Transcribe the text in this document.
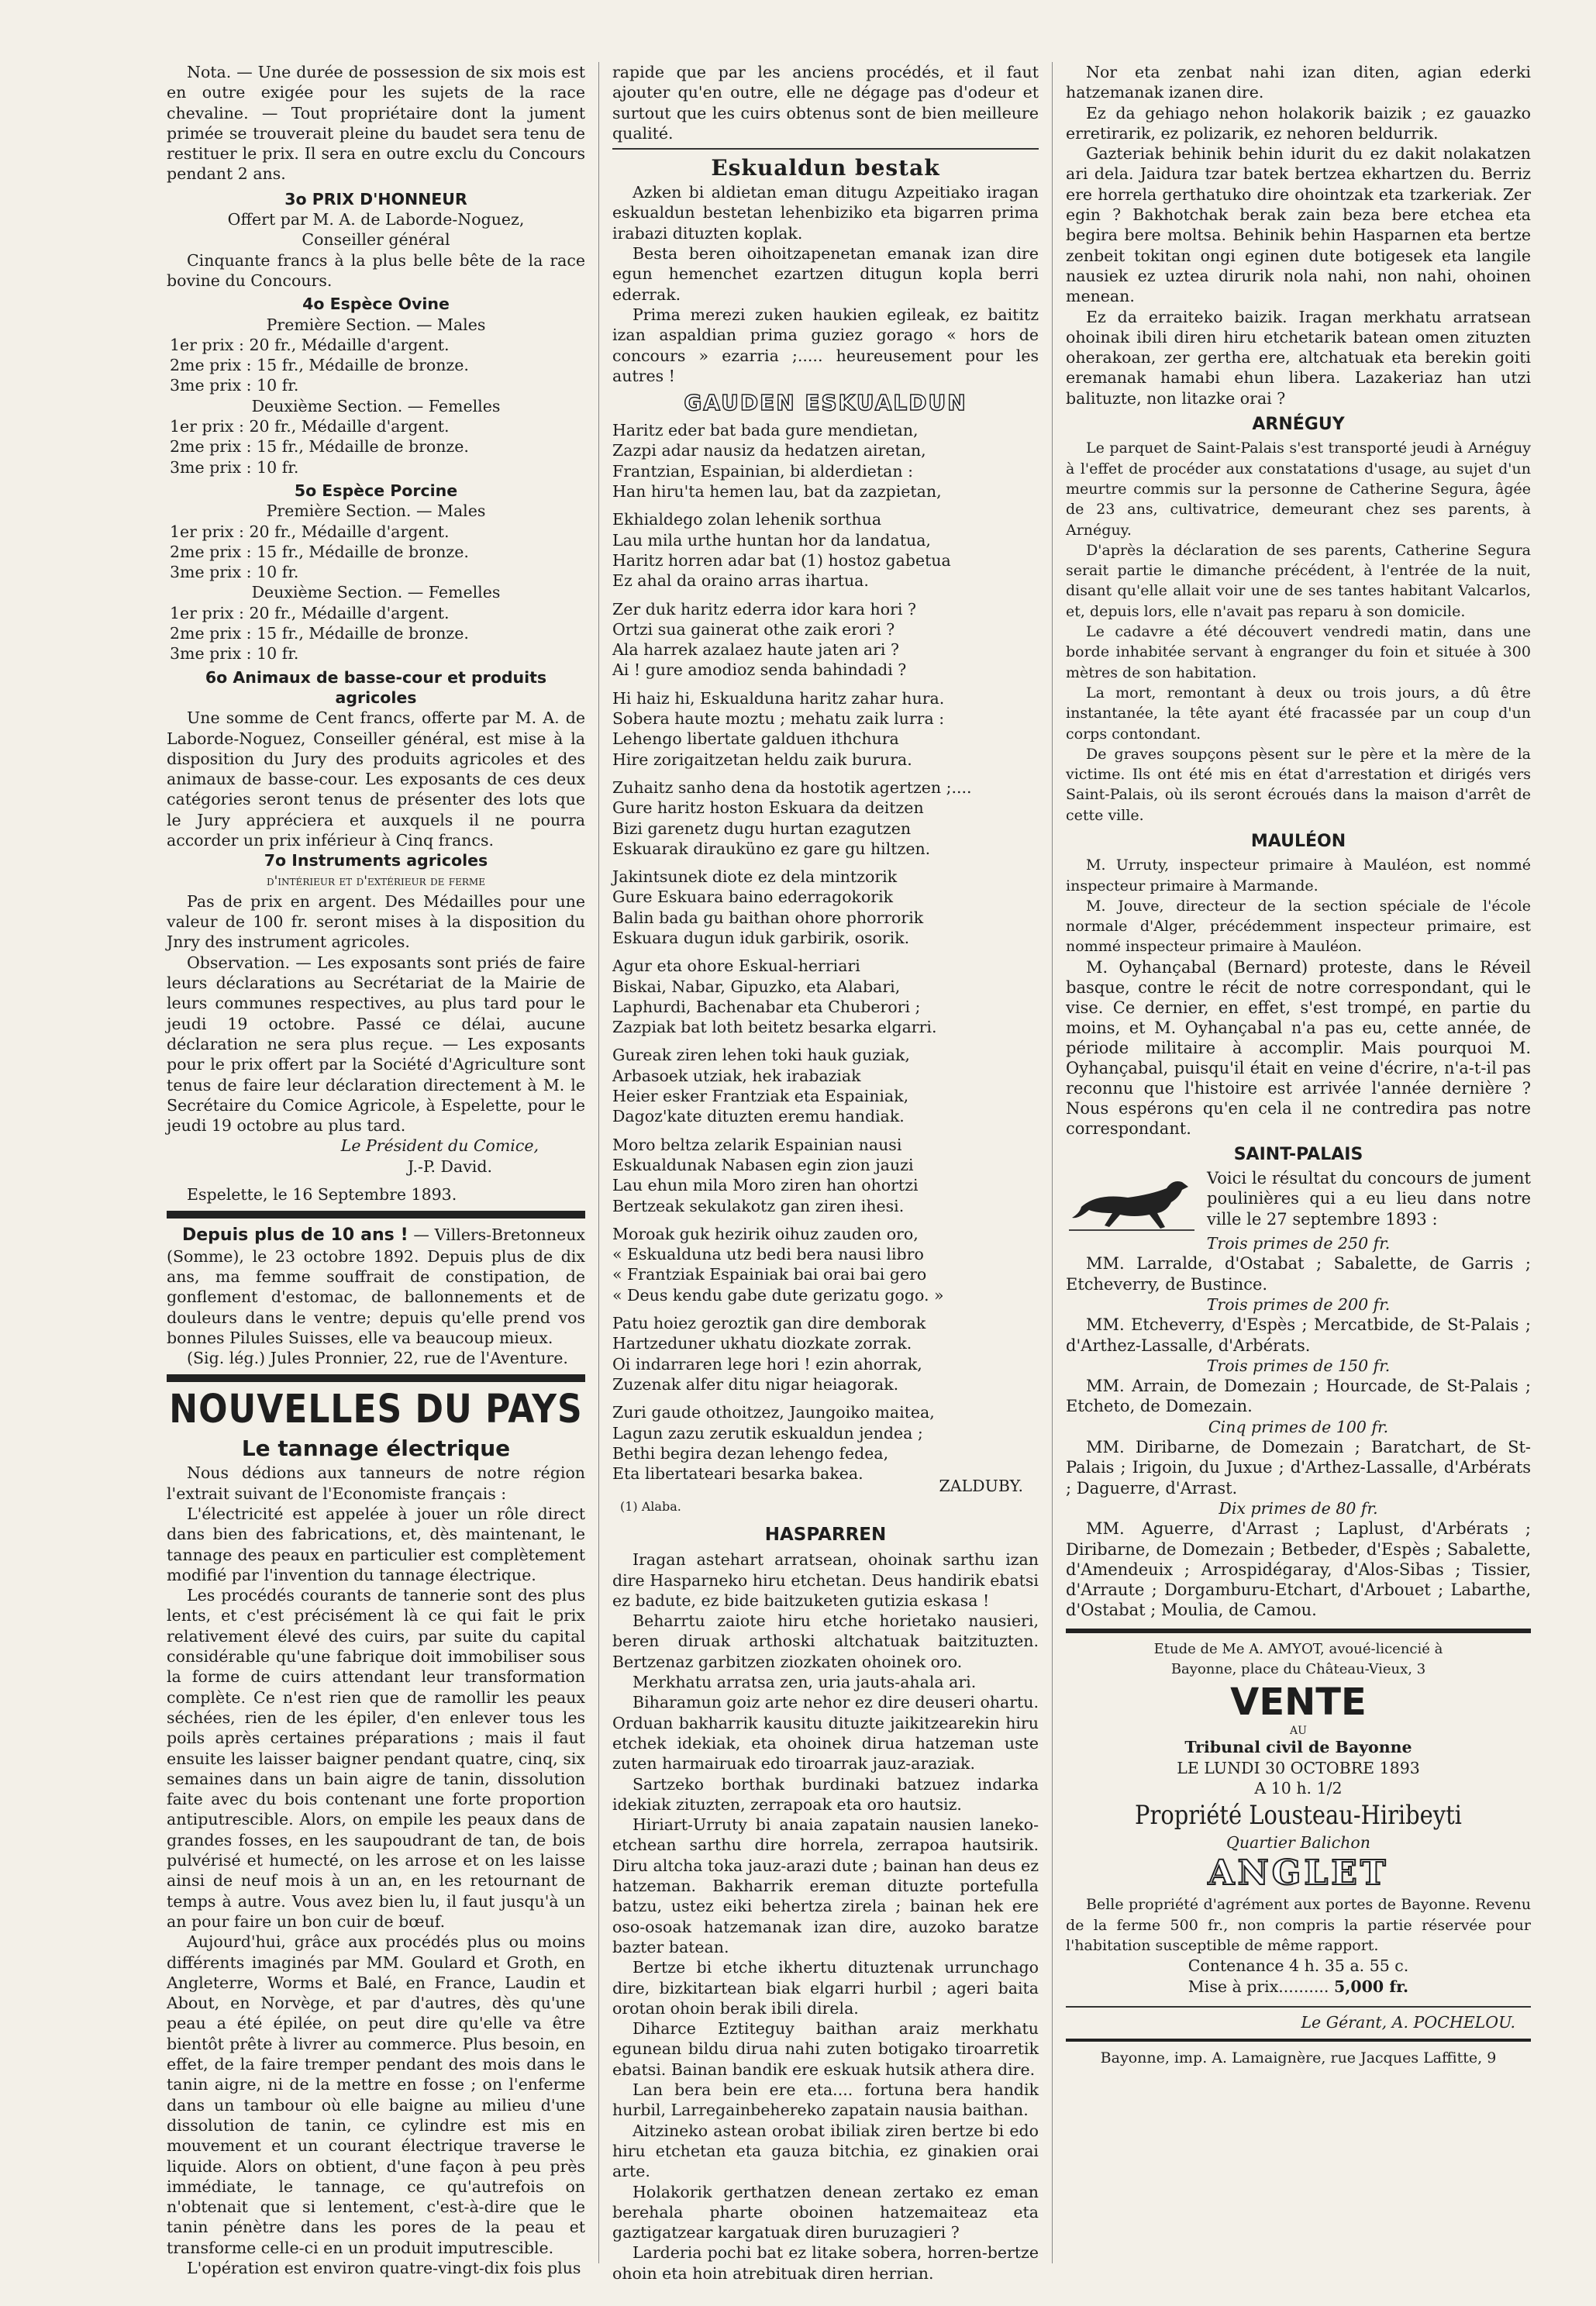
Nota. — Une durée de possession de six mois est en outre exigée pour les sujets de la race chevaline. — Tout propriétaire dont la jument primée se trouverait pleine du baudet sera tenu de restituer le prix. Il sera en outre exclu du Concours pendant 2 ans.

3o PRIX D'HONNEUR

Offert par M. A. de Laborde-Noguez,

Conseiller général

Cinquante francs à la plus belle bête de la race bovine du Concours.

4o Espèce Ovine

Première Section. — Males

1er prix : 20 fr., Médaille d'argent.

2me prix : 15 fr., Médaille de bronze.

3me prix : 10 fr.

Deuxième Section. — Femelles

1er prix : 20 fr., Médaille d'argent.

2me prix : 15 fr., Médaille de bronze.

3me prix : 10 fr.

5o Espèce Porcine

Première Section. — Males

1er prix : 20 fr., Médaille d'argent.

2me prix : 15 fr., Médaille de bronze.

3me prix : 10 fr.

Deuxième Section. — Femelles

1er prix : 20 fr., Médaille d'argent.

2me prix : 15 fr., Médaille de bronze.

3me prix : 10 fr.

6o Animaux de basse-cour et produits agricoles

Une somme de Cent francs, offerte par M. A. de Laborde-Noguez, Conseiller général, est mise à la disposition du Jury des produits agricoles et des animaux de basse-cour. Les exposants de ces deux catégories seront tenus de présenter des lots que le Jury appréciera et auxquels il ne pourra accorder un prix inférieur à Cinq francs.

7o Instruments agricoles

d'intérieur et d'extérieur de ferme

Pas de prix en argent. Des Médailles pour une valeur de 100 fr. seront mises à la disposition du Jnry des instrument agricoles.

Observation. — Les exposants sont priés de faire leurs déclarations au Secrétariat de la Mairie de leurs communes respectives, au plus tard pour le jeudi 19 octobre. Passé ce délai, aucune déclaration ne sera plus reçue. — Les exposants pour le prix offert par la Société d'Agriculture sont tenus de faire leur déclaration directement à M. le Secrétaire du Comice Agricole, à Espelette, pour le jeudi 19 octobre au plus tard.

Le Président du Comice,

J.-P. David.

Espelette, le 16 Septembre 1893.

Depuis plus de 10 ans ! — Villers-Bretonneux (Somme), le 23 octobre 1892. Depuis plus de dix ans, ma femme souffrait de constipation, de gonflement d'estomac, de ballonnements et de douleurs dans le ventre; depuis qu'elle prend vos bonnes Pilules Suisses, elle va beaucoup mieux.

(Sig. lég.) Jules Pronnier, 22, rue de l'Aventure.

NOUVELLES DU PAYS
Le tannage électrique

Nous dédions aux tanneurs de notre région l'extrait suivant de l'Economiste français :

L'électricité est appelée à jouer un rôle direct dans bien des fabrications, et, dès maintenant, le tannage des peaux en particulier est complètement modifié par l'invention du tannage électrique.

Les procédés courants de tannerie sont des plus lents, et c'est précisément là ce qui fait le prix relativement élevé des cuirs, par suite du capital considérable qu'une fabrique doit immobiliser sous la forme de cuirs attendant leur transformation complète. Ce n'est rien que de ramollir les peaux séchées, rien de les épiler, d'en enlever tous les poils après certaines préparations ; mais il faut ensuite les laisser baigner pendant quatre, cinq, six semaines dans un bain aigre de tanin, dissolution faite avec du bois contenant une forte proportion antiputrescible. Alors, on empile les peaux dans de grandes fosses, en les saupoudrant de tan, de bois pulvérisé et humecté, on les arrose et on les laisse ainsi de neuf mois à un an, en les retournant de temps à autre. Vous avez bien lu, il faut jusqu'à un an pour faire un bon cuir de bœuf.

Aujourd'hui, grâce aux procédés plus ou moins différents imaginés par MM. Goulard et Groth, en Angleterre, Worms et Balé, en France, Laudin et About, en Norvège, et par d'autres, dès qu'une peau a été épilée, on peut dire qu'elle va être bientôt prête à livrer au commerce. Plus besoin, en effet, de la faire tremper pendant des mois dans le tanin aigre, ni de la mettre en fosse ; on l'enferme dans un tambour où elle baigne au milieu d'une dissolution de tanin, ce cylindre est mis en mouvement et un courant électrique traverse le liquide. Alors on obtient, d'une façon à peu près immédiate, le tannage, ce qu'autrefois on n'obtenait que si lentement, c'est-à-dire que le tanin pénètre dans les pores de la peau et transforme celle-ci en un produit imputrescible.

L'opération est environ quatre-vingt-dix fois plus

rapide que par les anciens procédés, et il faut ajouter qu'en outre, elle ne dégage pas d'odeur et surtout que les cuirs obtenus sont de bien meilleure qualité.

Eskualdun bestak

Azken bi aldietan eman ditugu Azpeitiako iragan eskualdun bestetan lehenbiziko eta bigarren prima irabazi dituzten koplak.

Besta beren oihoitzapenetan emanak izan dire egun hemenchet ezartzen ditugun kopla berri ederrak.

Prima merezi zuken haukien egileak, ez baititz izan aspaldian prima guziez gorago « hors de concours » ezarria ;..... heureusement pour les autres !

GAUDEN ESKUALDUN

Haritz eder bat bada gure mendietan,

Zazpi adar nausiz da hedatzen airetan,

Frantzian, Espainian, bi alderdietan :

Han hiru'ta hemen lau, bat da zazpietan,

Ekhialdego zolan lehenik sorthua

Lau mila urthe huntan hor da landatua,

Haritz horren adar bat (1) hostoz gabetua

Ez ahal da oraino arras ihartua.

Zer duk haritz ederra idor kara hori ?

Ortzi sua gainerat othe zaik erori ?

Ala harrek azalaez haute jaten ari ?

Ai ! gure amodioz senda bahindadi ?

Hi haiz hi, Eskualduna haritz zahar hura.

Sobera haute moztu ; mehatu zaik lurra :

Lehengo libertate galduen ithchura

Hire zorigaitzetan heldu zaik burura.

Zuhaitz sanho dena da hostotik agertzen ;....

Gure haritz hoston Eskuara da deitzen

Bizi garenetz dugu hurtan ezagutzen

Eskuarak dirauküno ez gare gu hiltzen.

Jakintsunek diote ez dela mintzorik

Gure Eskuara baino ederragokorik

Balin bada gu baithan ohore phorrorik

Eskuara dugun iduk garbirik, osorik.

Agur eta ohore Eskual-herriari

Biskai, Nabar, Gipuzko, eta Alabari,

Laphurdi, Bachenabar eta Chuberori ;

Zazpiak bat loth beitetz besarka elgarri.

Gureak ziren lehen toki hauk guziak,

Arbasoek utziak, hek irabaziak

Heier esker Frantziak eta Espainiak,

Dagoz'kate dituzten eremu handiak.

Moro beltza zelarik Espainian nausi

Eskualdunak Nabasen egin zion jauzi

Lau ehun mila Moro ziren han ohortzi

Bertzeak sekulakotz gan ziren ihesi.

Moroak guk hezirik oihuz zauden oro,

« Eskualduna utz bedi bera nausi libro

« Frantziak Espainiak bai orai bai gero

« Deus kendu gabe dute gerizatu gogo. »

Patu hoiez geroztik gan dire demborak

Hartzeduner ukhatu diozkate zorrak.

Oi indarraren lege hori ! ezin ahorrak,

Zuzenak alfer ditu nigar heiagorak.

Zuri gaude othoitzez, Jaungoiko maitea,

Lagun zazu zerutik eskualdun jendea ;

Bethi begira dezan lehengo fedea,

Eta libertateari besarka bakea.

ZALDUBY.

(1) Alaba.

HASPARREN

Iragan astehart arratsean, ohoinak sarthu izan dire Hasparneko hiru etchetan. Deus handirik ebatsi ez badute, ez bide baitzuketen gutizia eskasa !

Beharrtu zaiote hiru etche horietako nausieri, beren diruak arthoski altchatuak baitzituzten. Bertzenaz garbitzen ziozkaten ohoinek oro.

Merkhatu arratsa zen, uria jauts-ahala ari.

Biharamun goiz arte nehor ez dire deuseri ohartu. Orduan bakharrik kausitu dituzte jaikitzearekin hiru etchek idekiak, eta ohoinek dirua hatzeman uste zuten harmairuak edo tiroarrak jauz-araziak.

Sartzeko borthak burdinaki batzuez indarka idekiak zituzten, zerrapoak eta oro hautsiz.

Hiriart-Urruty bi anaia zapatain nausien laneko-etchean sarthu dire horrela, zerrapoa hautsirik. Diru altcha toka jauz-arazi dute ; bainan han deus ez hatzeman. Bakharrik ereman dituzte portefulla batzu, ustez eiki behertza zirela ; bainan hek ere oso-osoak hatzemanak izan dire, auzoko baratze bazter batean.

Bertze bi etche ikhertu dituztenak urrunchago dire, bizkitartean biak elgarri hurbil ; ageri baita orotan ohoin berak ibili direla.

Diharce Eztiteguy baithan araiz merkhatu egunean bildu dirua nahi zuten botigako tiroarretik ebatsi. Bainan bandik ere eskuak hutsik athera dire.

Lan bera bein ere eta.... fortuna bera handik hurbil, Larregainbehereko zapatain nausia baithan.

Aitzineko astean orobat ibiliak ziren bertze bi edo hiru etchetan eta gauza bitchia, ez ginakien orai arte.

Holakorik gerthatzen denean zertako ez eman berehala pharte oboinen hatzemaiteaz eta gaztigatzear kargatuak diren buruzagieri ?

Larderia pochi bat ez litake sobera, horren-bertze ohoin eta hoin atrebituak diren herrian.

Nor eta zenbat nahi izan diten, agian ederki hatzemanak izanen dire.

Ez da gehiago nehon holakorik baizik ; ez gauazko erretirarik, ez polizarik, ez nehoren beldurrik.

Gazteriak behinik behin idurit du ez dakit nolakatzen ari dela. Jaidura tzar batek bertzea ekhartzen du. Berriz ere horrela gerthatuko dire ohointzak eta tzarkeriak. Zer egin ? Bakhotchak berak zain beza bere etchea eta begira bere moltsa. Behinik behin Hasparnen eta bertze zenbeit tokitan ongi eginen dute botigesek eta langile nausiek ez uztea dirurik nola nahi, non nahi, ohoinen menean.

Ez da erraiteko baizik. Iragan merkhatu arratsean ohoinak ibili diren hiru etchetarik batean omen zituzten oherakoan, zer gertha ere, altchatuak eta berekin goiti eremanak hamabi ehun libera. Lazakeriaz han utzi balituzte, non litazke orai ?

ARNÉGUY

Le parquet de Saint-Palais s'est transporté jeudi à Arnéguy à l'effet de procéder aux constatations d'usage, au sujet d'un meurtre commis sur la personne de Catherine Segura, âgée de 23 ans, cultivatrice, demeurant chez ses parents, à Arnéguy.

D'après la déclaration de ses parents, Catherine Segura serait partie le dimanche précédent, à l'entrée de la nuit, disant qu'elle allait voir une de ses tantes habitant Valcarlos, et, depuis lors, elle n'avait pas reparu à son domicile.

Le cadavre a été découvert vendredi matin, dans une borde inhabitée servant à engranger du foin et située à 300 mètres de son habitation.

La mort, remontant à deux ou trois jours, a dû être instantanée, la tête ayant été fracassée par un coup d'un corps contondant.

De graves soupçons pèsent sur le père et la mère de la victime. Ils ont été mis en état d'arrestation et dirigés vers Saint-Palais, où ils seront écroués dans la maison d'arrêt de cette ville.

MAULÉON

M. Urruty, inspecteur primaire à Mauléon, est nommé inspecteur primaire à Marmande.

M. Jouve, directeur de la section spéciale de l'école normale d'Alger, précédemment inspecteur primaire, est nommé inspecteur primaire à Mauléon.

M. Oyhançabal (Bernard) proteste, dans le Réveil basque, contre le récit de notre correspondant, qui le vise. Ce dernier, en effet, s'est trompé, en partie du moins, et M. Oyhançabal n'a pas eu, cette année, de période militaire à accomplir. Mais pourquoi M. Oyhançabal, puisqu'il était en veine d'écrire, n'a-t-il pas reconnu que l'histoire est arrivée l'année dernière ? Nous espérons qu'en cela il ne contredira pas notre correspondant.

SAINT-PALAIS

Voici le résultat du concours de jument poulinières qui a eu lieu dans notre ville le 27 septembre 1893 :

Trois primes de 250 fr.

MM. Larralde, d'Ostabat ; Sabalette, de Garris ; Etcheverry, de Bustince.

Trois primes de 200 fr.

MM. Etcheverry, d'Espès ; Mercatbide, de St-Palais ; d'Arthez-Lassalle, d'Arbérats.

Trois primes de 150 fr.

MM. Arrain, de Domezain ; Hourcade, de St-Palais ; Etcheto, de Domezain.

Cinq primes de 100 fr.

MM. Diribarne, de Domezain ; Baratchart, de St-Palais ; Irigoin, du Juxue ; d'Arthez-Lassalle, d'Arbérats ; Daguerre, d'Arrast.

Dix primes de 80 fr.

MM. Aguerre, d'Arrast ; Laplust, d'Arbérats ; Diribarne, de Domezain ; Betbeder, d'Espès ; Sabalette, d'Amendeuix ; Arrospidégaray, d'Alos-Sibas ; Tissier, d'Arraute ; Dorgamburu-Etchart, d'Arbouet ; Labarthe, d'Ostabat ; Moulia, de Camou.

Etude de Me A. AMYOT, avoué-licencié à

Bayonne, place du Château-Vieux, 3

VENTE

AU

Tribunal civil de Bayonne

LE LUNDI 30 OCTOBRE 1893

A 10 h. 1/2

Propriété Lousteau-Hiribeyti

Quartier Balichon

ANGLET

Belle propriété d'agrément aux portes de Bayonne. Revenu de la ferme 500 fr., non compris la partie réservée pour l'habitation susceptible de même rapport.

Contenance 4 h. 35 a. 55 c.

Mise à prix.......... 5,000 fr.

Le Gérant, A. POCHELOU.

Bayonne, imp. A. Lamaignère, rue Jacques Laffitte, 9
